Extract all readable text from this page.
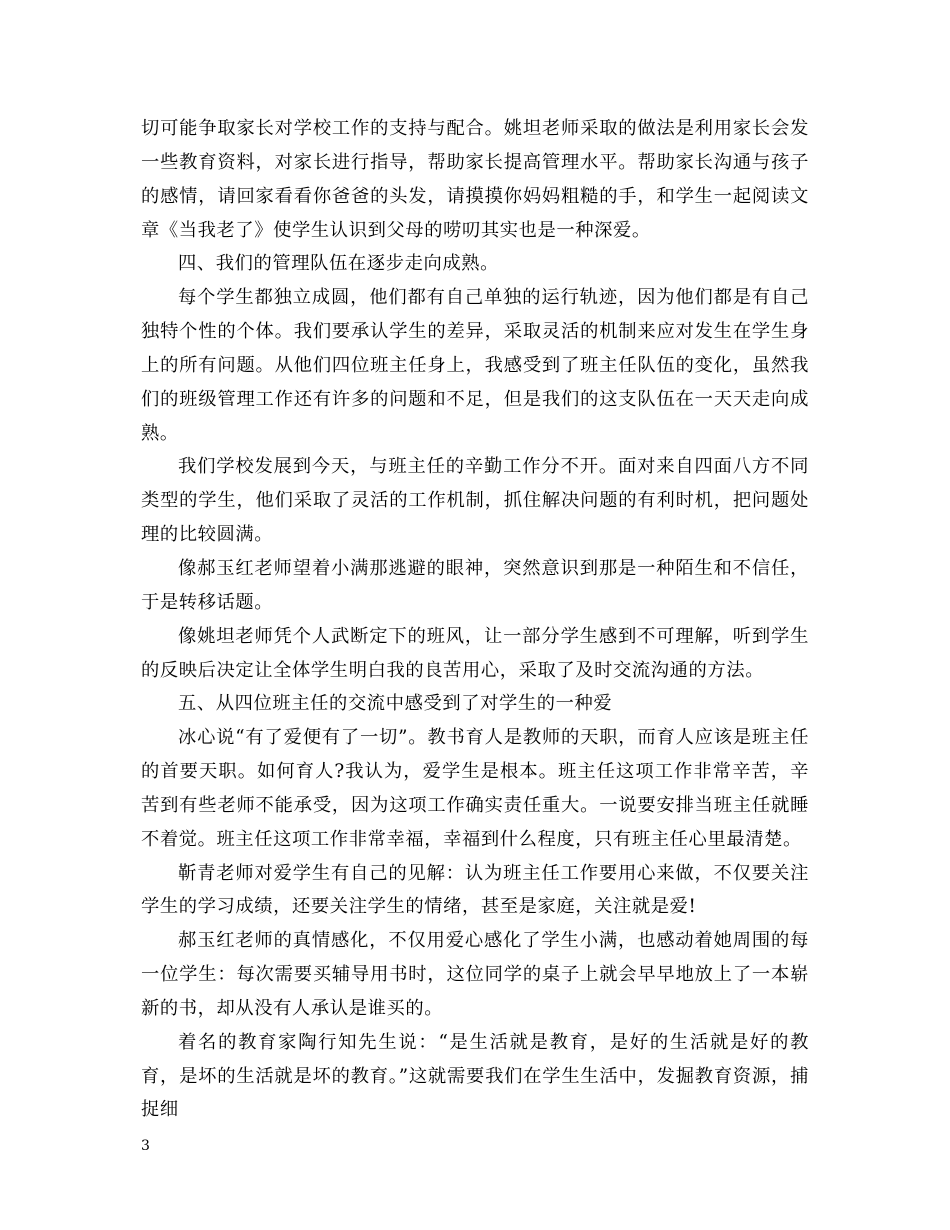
切可能争取家长对学校工作的支持与配合。姚坦老师采取的做法是利用家长会发一些教育资料，对家长进行指导，帮助家长提高管理水平。帮助家长沟通与孩子的感情，请回家看看你爸爸的头发，请摸摸你妈妈粗糙的手，和学生一起阅读文章《当我老了》使学生认识到父母的唠叨其实也是一种深爱。

四、我们的管理队伍在逐步走向成熟。

每个学生都独立成圆，他们都有自己单独的运行轨迹，因为他们都是有自己独特个性的个体。我们要承认学生的差异，采取灵活的机制来应对发生在学生身上的所有问题。从他们四位班主任身上，我感受到了班主任队伍的变化，虽然我们的班级管理工作还有许多的问题和不足，但是我们的这支队伍在一天天走向成熟。

我们学校发展到今天，与班主任的辛勤工作分不开。面对来自四面八方不同类型的学生，他们采取了灵活的工作机制，抓住解决问题的有利时机，把问题处理的比较圆满。

像郝玉红老师望着小满那逃避的眼神，突然意识到那是一种陌生和不信任，于是转移话题。

像姚坦老师凭个人武断定下的班风，让一部分学生感到不可理解，听到学生的反映后决定让全体学生明白我的良苦用心，采取了及时交流沟通的方法。

五、从四位班主任的交流中感受到了对学生的一种爱

冰心说“有了爱便有了一切”。教书育人是教师的天职，而育人应该是班主任的首要天职。如何育人?我认为，爱学生是根本。班主任这项工作非常辛苦，辛苦到有些老师不能承受，因为这项工作确实责任重大。一说要安排当班主任就睡不着觉。班主任这项工作非常幸福，幸福到什么程度，只有班主任心里最清楚。

靳青老师对爱学生有自己的见解：认为班主任工作要用心来做，不仅要关注学生的学习成绩，还要关注学生的情绪，甚至是家庭，关注就是爱!

郝玉红老师的真情感化，不仅用爱心感化了学生小满，也感动着她周围的每一位学生：每次需要买辅导用书时，这位同学的桌子上就会早早地放上了一本崭新的书，却从没有人承认是谁买的。

着名的教育家陶行知先生说：“是生活就是教育，是好的生活就是好的教育，是坏的生活就是坏的教育。”这就需要我们在学生生活中，发掘教育资源，捕捉细

3
